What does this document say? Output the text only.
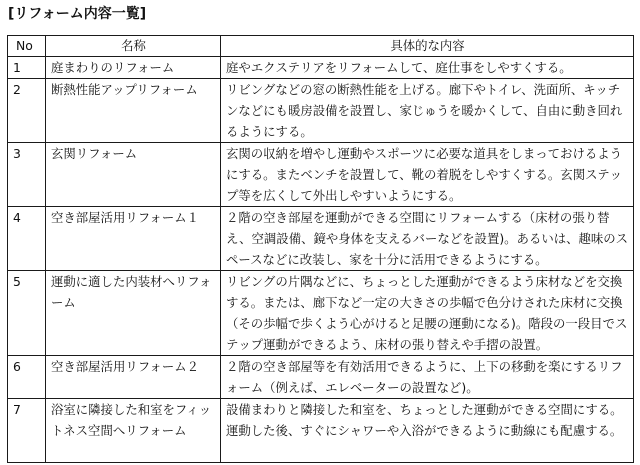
[リフォーム内容一覧]
No	名称	具体的な内容
1	庭まわりのリフォーム	庭やエクステリアをリフォームして、庭仕事をしやすくする。
2	断熱性能アップリフォーム	リビングなどの窓の断熱性能を上げる。廊下やトイレ、洗面所、キッチンなどにも暖房設備を設置し、家じゅうを暖かくして、自由に動き回れるようにする。
3	玄関リフォーム	玄関の収納を増やし運動やスポーツに必要な道具をしまっておけるようにする。またベンチを設置して、靴の着脱をしやすくする。玄関ステップ等を広くして外出しやすいようにする。
4	空き部屋活用リフォーム１	２階の空き部屋を運動ができる空間にリフォームする（床材の張り替え、空調設備、鏡や身体を支えるバーなどを設置)。あるいは、趣味のスペースなどに改装し、家を十分に活用できるようにする。
5	運動に適した内装材へリフォーム	リビングの片隅などに、ちょっとした運動ができるよう床材などを交換する。または、廊下など一定の大きさの歩幅で色分けされた床材に交換（その歩幅で歩くよう心がけると足腰の運動になる)。階段の一段目でステップ運動ができるよう、床材の張り替えや手摺の設置。
6	空き部屋活用リフォーム２	２階の空き部屋等を有効活用できるように、上下の移動を楽にするリフォーム（例えば、エレベーターの設置など)。
7	浴室に隣接した和室をフィットネス空間へリフォーム	設備まわりと隣接した和室を、ちょっとした運動ができる空間にする。運動した後、すぐにシャワーや入浴ができるように動線にも配慮する。
